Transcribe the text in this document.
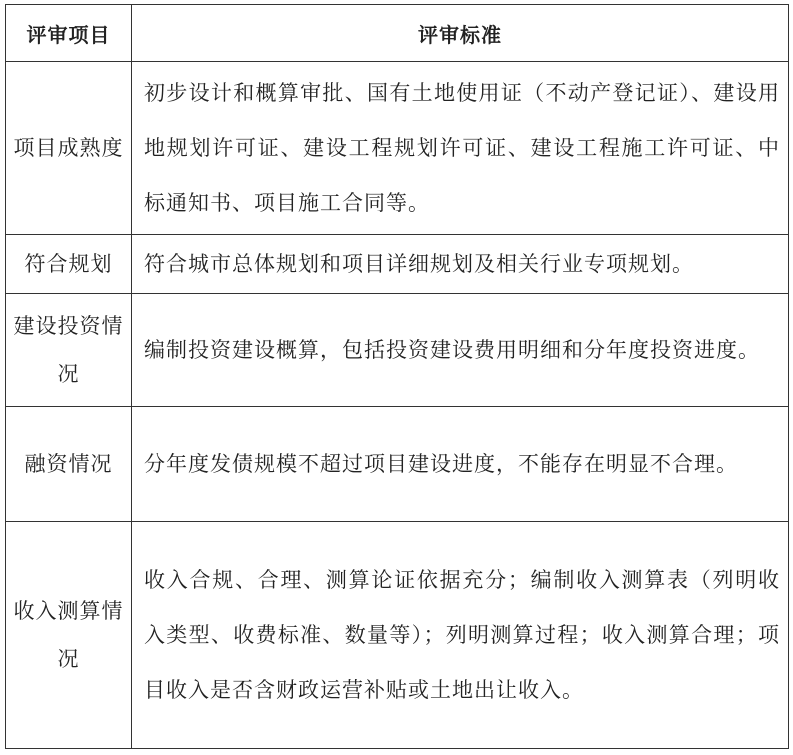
评审项目	评审标准
项目成熟度	初步设计和概算审批、国有土地使用证（不动产登记证）、建设用地规划许可证、建设工程规划许可证、建设工程施工许可证、中标通知书、项目施工合同等。
符合规划	符合城市总体规划和项目详细规划及相关行业专项规划。
建设投资情况	编制投资建设概算，包括投资建设费用明细和分年度投资进度。
融资情况	分年度发债规模不超过项目建设进度，不能存在明显不合理。
收入测算情况	收入合规、合理、测算论证依据充分；编制收入测算表（列明收入类型、收费标准、数量等）；列明测算过程；收入测算合理；项目收入是否含财政运营补贴或土地出让收入。
